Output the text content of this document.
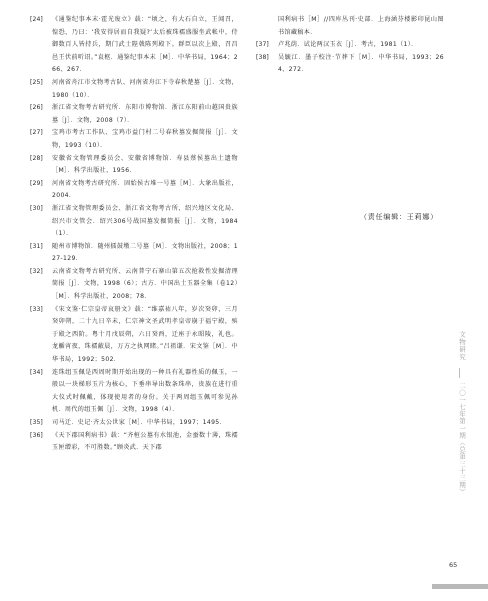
[24] 《通鉴纪事本末·霍光废立》载：“顷之，有大石自立，王闻召，惶恐，乃曰：‘我安得居而自我疑?’太后被珠襦盛服坐武帐中，侍御数百人皆持兵，期门武士陛戟陈列殿下。群臣以次上殿，召昌邑王伏前听诏。”袁枢．通鉴纪事本末［M］．中华书局，1964；266、267．

[25] 河南省舟江市文物考古队、河南省舟江下寺春秋楚墓［J］．文物，1980（10）．

[26] 浙江省文物考古研究所．东阳市博物馆．浙江东阳前山越国贵族墓［J］．文物，2008（7）．

[27] 宝鸡市考古工作队、宝鸡市益门村二号春秋墓发掘简报［J］．文物，1993（10）．

[28] 安徽省文物管理委员会、安徽省博物馆．寿县蔡侯墓出土遗物［M］．科学出版社，1956．

[29] 河南省文物考古研究所．固始侯古堆一号墓［M］．大象出版社，2004．

[30] 浙江省文物管理委员会、浙江省文物考古所、绍兴地区文化局、绍兴市文管会．绍兴306号战国墓发掘简报［J］．文物，1984（1）．

[31] 随州市博物馆．随州擂鼓墩二号墓［M］．文物出版社，2008；127-129．

[32] 云南省文物考古研究所、云南普宁石寨山第五次抢救性发掘清理简报［J］．文物，1998（6）；古方．中国出土玉器全集（卷12）［M］．科学出版社，2008；78．

[33] 《宋文鉴·仁宗皇帝哀册文》载：“维嘉祐八年，岁次癸卯，三月癸卯朔，二十九日辛未，仁宗神文圣武明孝皇帝崩于福宁殿，殡于殿之西阶。粤十月戊辰朔，六日癸酉，迁座于永昭陵，礼也。龙輴宵夜，珠襦蔽晨，万方之执网睹。”吕祖谦．宋文鉴［M］．中华书局，1992；502．

[34] 连珠组玉佩是西周时期开始出现的一种具有礼器性质的佩玉，一般以一块梯形玉片为核心，下垂串导出数条珠串，贵族在进行重大仪式时佩戴，体现使用者的身份。关于两周组玉佩可参见孙机．周代的组玉佩［J］．文物，1998（4）．

[35] 司马迁．史记·齐太公世家［M］．中华书局，1997；1495．

[36] 《天下郡国利病书》载：“齐桓公墓有水银池，金蚕数十薄，珠襦玉匣缯彩，不可胜数。”顾炎武．天下郡

国利病书［M］//四库丛刊·史部．上海涵芬楼影印昆山图书馆藏稿本．

[37] 卢兆荫．试论两汉玉衣［J］．考古，1981（1）．

[38] 吴毓江．墨子校注·节葬下［M］．中华书局，1993；264、272．

（责任编辑：王莉娜）
文物研究
二〇一七年第一期（总第三十三期）
65
